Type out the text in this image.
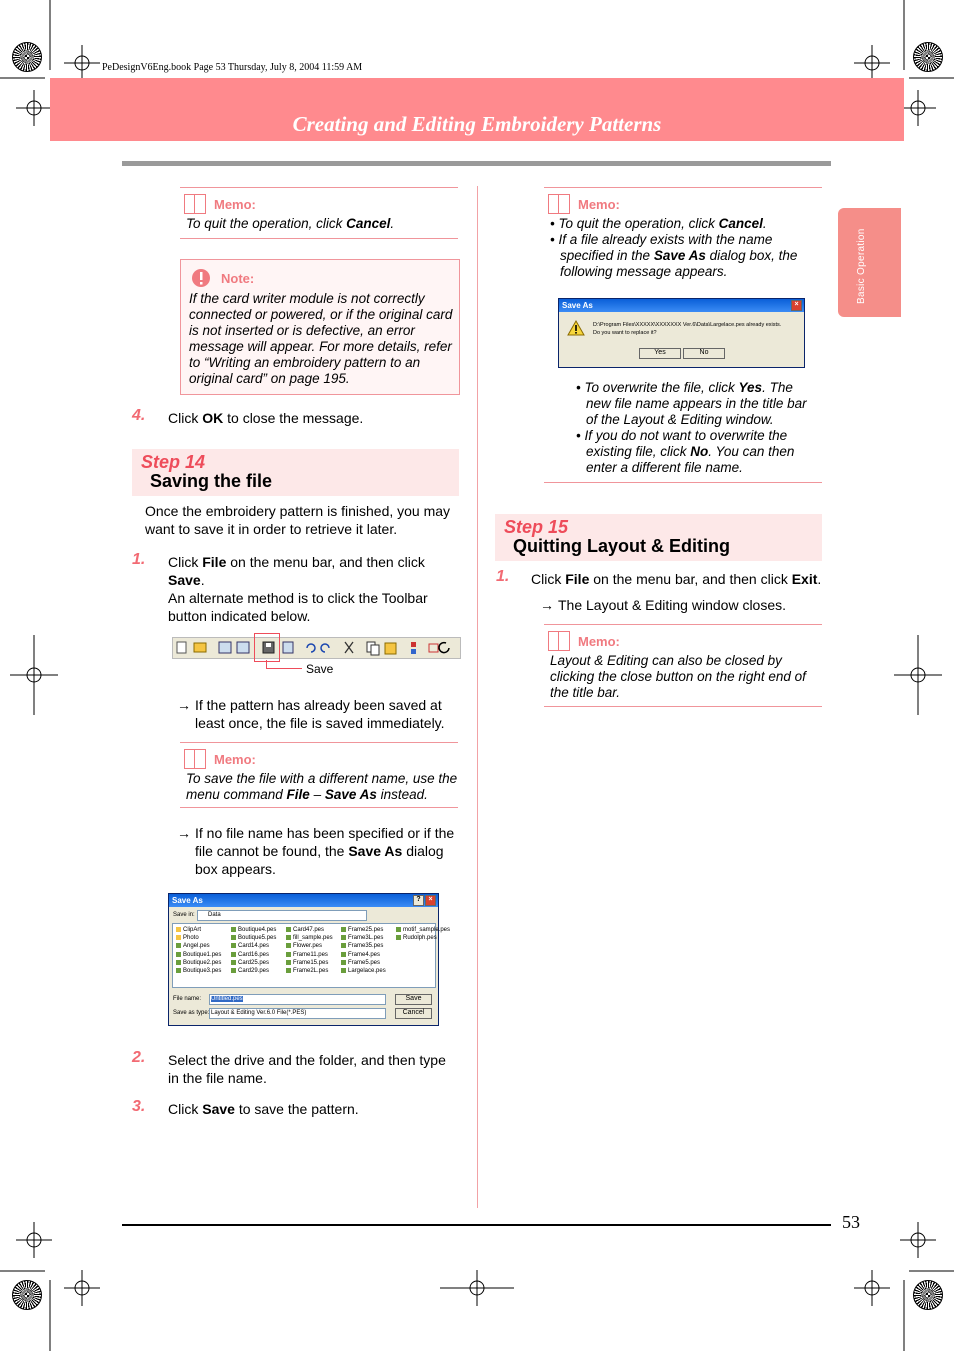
PeDesignV6Eng.book Page 53 Thursday, July 8, 2004 11:59 AM
Creating and Editing Embroidery Patterns
Basic Operation
Memo:
To quit the operation, click Cancel.
Note:
If the card writer module is not correctly connected or powered, or if the original card is not inserted or is defective, an error message will appear. For more details, refer to “Writing an embroidery pattern to an original card” on page 195.
4. Click OK to close the message.
Step 14
Saving the file
Once the embroidery pattern is finished, you may want to save it in order to retrieve it later.
1. Click File on the menu bar, and then click
Save.
An alternate method is to click the Toolbar
button indicated below.
Save
→ If the pattern has already been saved at
least once, the file is saved immediately.
Memo:
To save the file with a different name, use the
menu command File – Save As instead.
→ If no file name has been specified or if the
file cannot be found, the Save As dialog
box appears.
Save As	?	×
Save in: Data
ClipArt
Photo
Angel.pes
Boutique1.pes
Boutique2.pes
Boutique3.pes
Boutique4.pes
Boutique5.pes
Card14.pes
Card16.pes
Card25.pes
Card29.pes
Card47.pes
fill_sample.pes
Flower.pes
Frame11.pes
Frame15.pes
Frame2L.pes
Frame25.pes
Frame3L.pes
Frame35.pes
Frame4.pes
Frame5.pes
Largelace.pes
motif_sample.pes
Rudolph.pes
File name: Untitled.pes
Save as type: Layout & Editing Ver.6.0 File(*.PES)
Save
Cancel
2. Select the drive and the folder, and then type
in the file name.
3. Click Save to save the pattern.
Memo:
• To quit the operation, click Cancel.
• If a file already exists with the name
specified in the Save As dialog box, the
following message appears.
Save As	×
D:\Program Files\XXXXX\XXXXXXX Ver.6\Data\Largelace.pes already exists.
Do you want to replace it?
Yes	No
• To overwrite the file, click Yes. The
new file name appears in the title bar
of the Layout & Editing window.
• If you do not want to overwrite the
existing file, click No. You can then
enter a different file name.
Step 15
Quitting Layout & Editing
1. Click File on the menu bar, and then click Exit.
→ The Layout & Editing window closes.
Memo:
Layout & Editing can also be closed by
clicking the close button on the right end of
the title bar.
53
